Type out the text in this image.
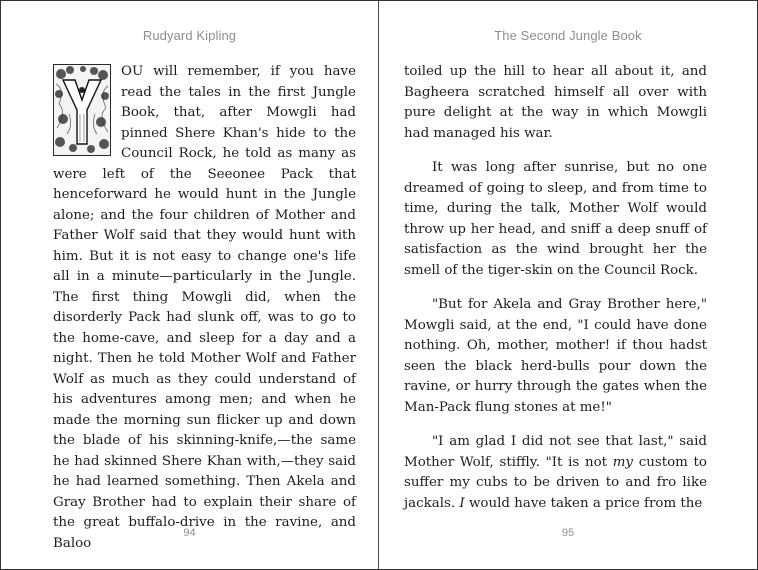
Rudyard Kipling

OU will remember, if you have read the tales in the first Jungle Book, that, after Mowgli had pinned Shere Khan's hide to the Council Rock, he told as many as were left of the Seeonee Pack that henceforward he would hunt in the Jungle alone; and the four children of Mother and Father Wolf said that they would hunt with him. But it is not easy to change one's life all in a minute—particularly in the Jungle. The first thing Mowgli did, when the disorderly Pack had slunk off, was to go to the home-cave, and sleep for a day and a night. Then he told Mother Wolf and Father Wolf as much as they could understand of his adventures among men; and when he made the morning sun flicker up and down the blade of his skinning-knife,—the same he had skinned Shere Khan with,—they said he had learned something. Then Akela and Gray Brother had to explain their share of the great buffalo-drive in the ravine, and Baloo

94
The Second Jungle Book

toiled up the hill to hear all about it, and Bagheera scratched himself all over with pure delight at the way in which Mowgli had managed his war.

It was long after sunrise, but no one dreamed of going to sleep, and from time to time, during the talk, Mother Wolf would throw up her head, and sniff a deep snuff of satisfaction as the wind brought her the smell of the tiger-skin on the Council Rock.

"But for Akela and Gray Brother here," Mowgli said, at the end, "I could have done nothing. Oh, mother, mother! if thou hadst seen the black herd-bulls pour down the ravine, or hurry through the gates when the Man-Pack flung stones at me!"

"I am glad I did not see that last," said Mother Wolf, stiffly. "It is not my custom to suffer my cubs to be driven to and fro like jackals. I would have taken a price from the

95
